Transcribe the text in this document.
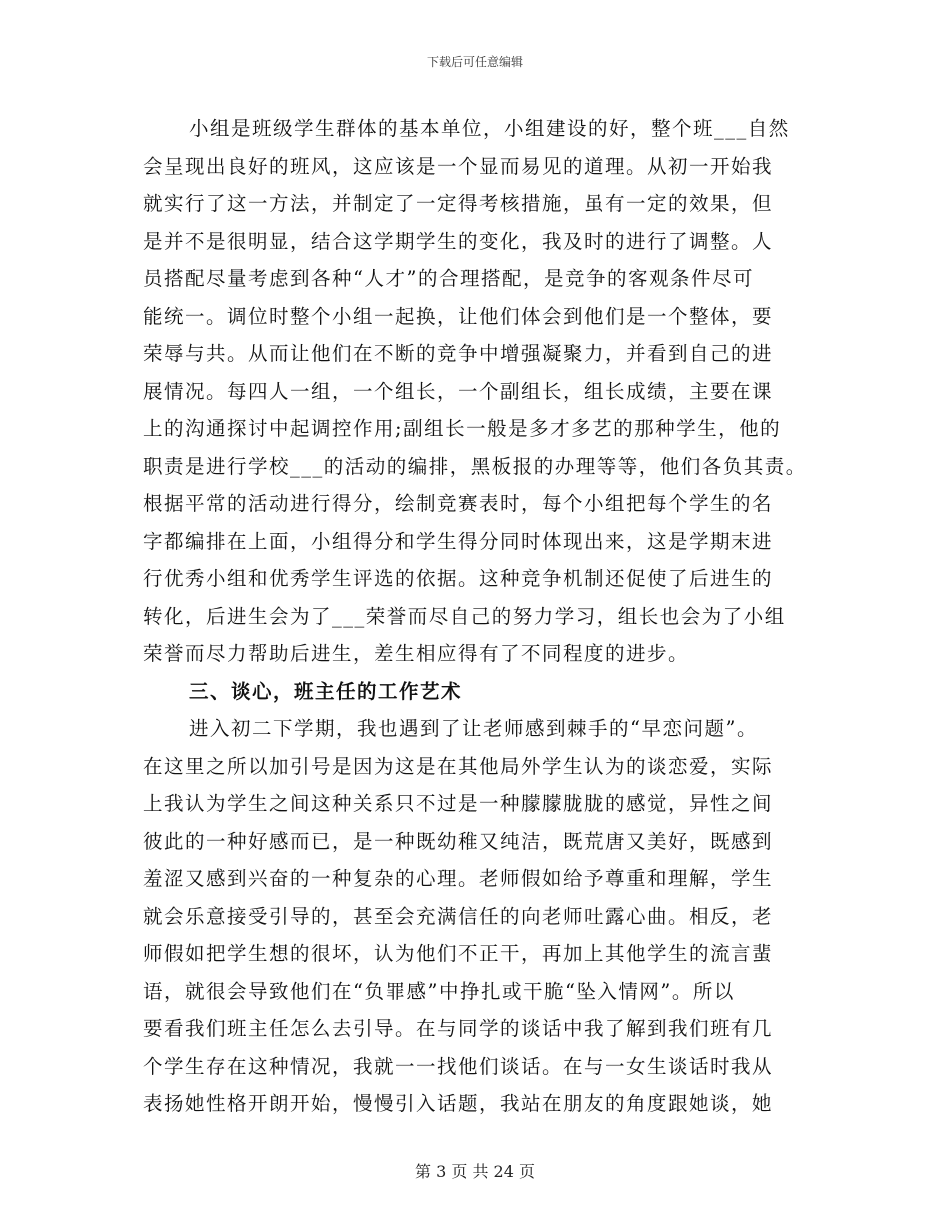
下载后可任意编辑
小组是班级学生群体的基本单位，小组建设的好，整个班___自然
会呈现出良好的班风，这应该是一个显而易见的道理。从初一开始我
就实行了这一方法，并制定了一定得考核措施，虽有一定的效果，但
是并不是很明显，结合这学期学生的变化，我及时的进行了调整。人
员搭配尽量考虑到各种“人才”的合理搭配，是竞争的客观条件尽可
能统一。调位时整个小组一起换，让他们体会到他们是一个整体，要
荣辱与共。从而让他们在不断的竞争中增强凝聚力，并看到自己的进
展情况。每四人一组，一个组长，一个副组长，组长成绩，主要在课
上的沟通探讨中起调控作用;副组长一般是多才多艺的那种学生，他的
职责是进行学校___的活动的编排，黑板报的办理等等，他们各负其责。
根据平常的活动进行得分，绘制竞赛表时，每个小组把每个学生的名
字都编排在上面，小组得分和学生得分同时体现出来，这是学期末进
行优秀小组和优秀学生评选的依据。这种竞争机制还促使了后进生的
转化，后进生会为了___荣誉而尽自己的努力学习，组长也会为了小组
荣誉而尽力帮助后进生，差生相应得有了不同程度的进步。
三、谈心，班主任的工作艺术
进入初二下学期，我也遇到了让老师感到棘手的“早恋问题”。
在这里之所以加引号是因为这是在其他局外学生认为的谈恋爱，实际
上我认为学生之间这种关系只不过是一种朦朦胧胧的感觉，异性之间
彼此的一种好感而已，是一种既幼稚又纯洁，既荒唐又美好，既感到
羞涩又感到兴奋的一种复杂的心理。老师假如给予尊重和理解，学生
就会乐意接受引导的，甚至会充满信任的向老师吐露心曲。相反，老
师假如把学生想的很坏，认为他们不正干，再加上其他学生的流言蜚
语，就很会导致他们在“负罪感”中挣扎或干脆“坠入情网”。所以
要看我们班主任怎么去引导。在与同学的谈话中我了解到我们班有几
个学生存在这种情况，我就一一找他们谈话。在与一女生谈话时我从
表扬她性格开朗开始，慢慢引入话题，我站在朋友的角度跟她谈，她
第 3 页 共 24 页
